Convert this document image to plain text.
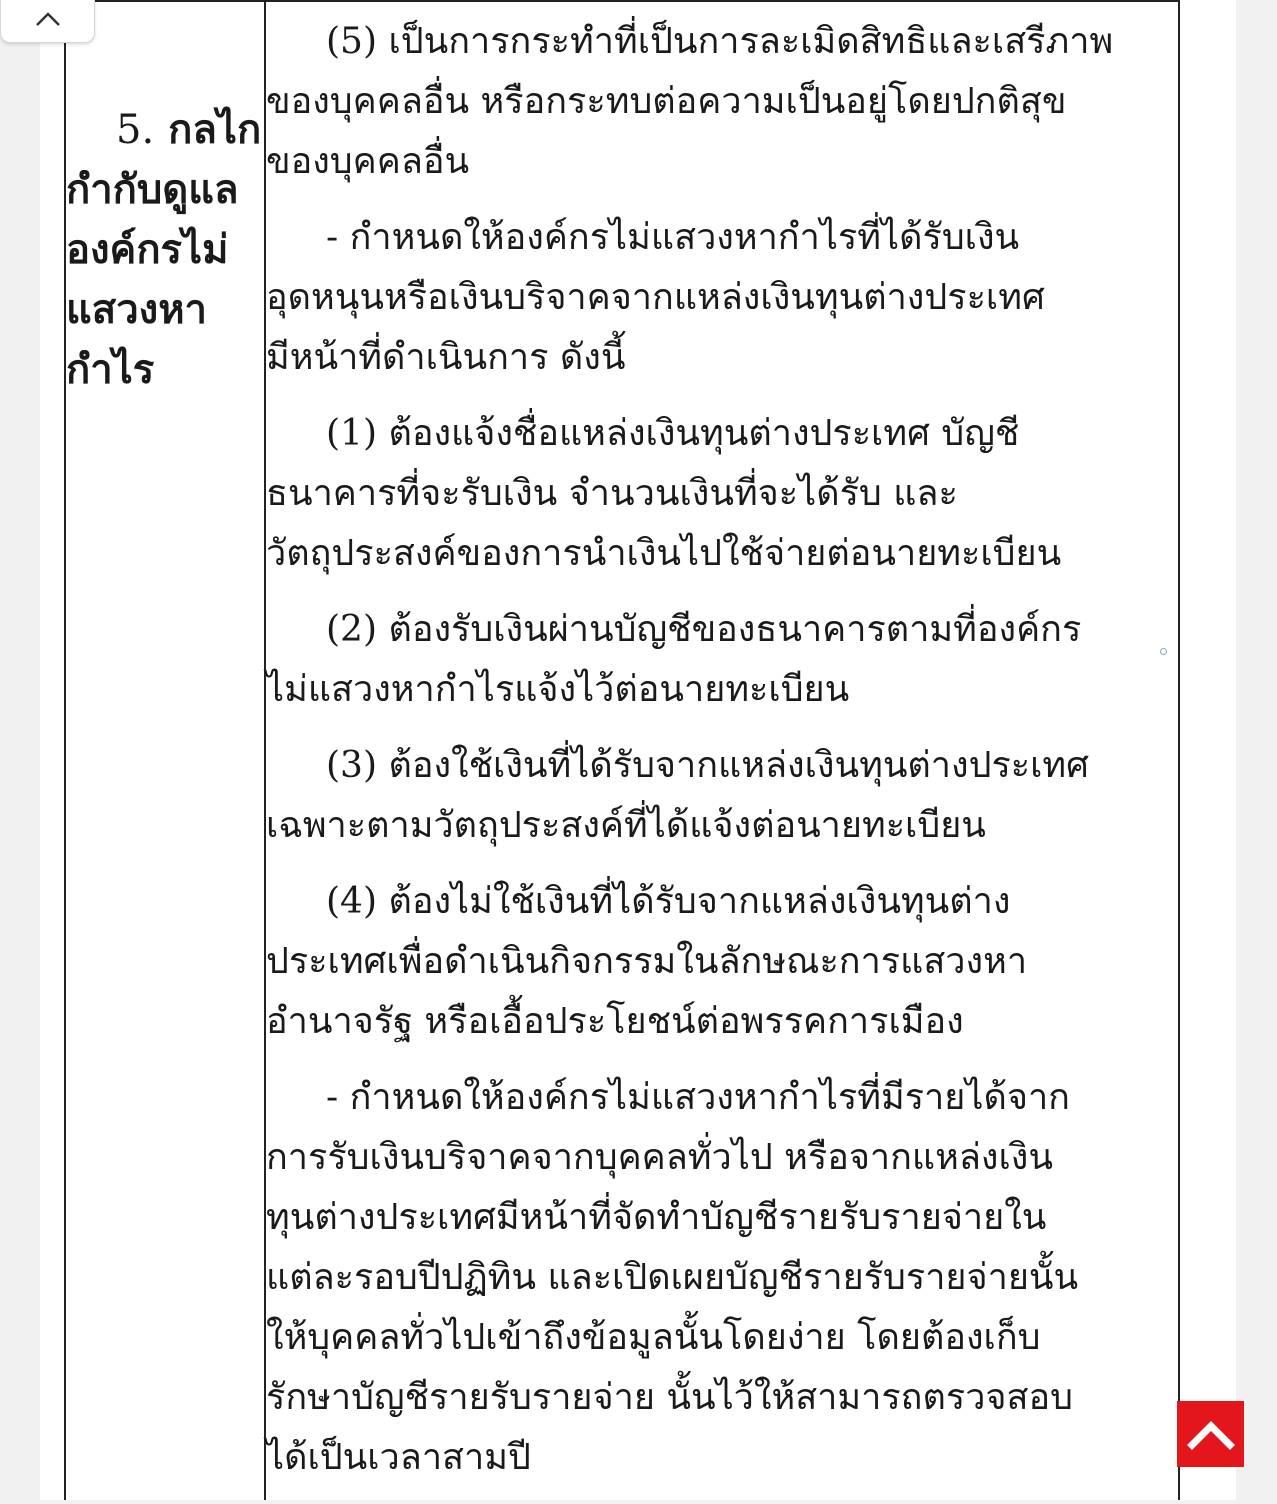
5. กลไก
กำกับดูแล
องค์กรไม่
แสวงหา
กำไร
(5) เป็นการกระทำที่เป็นการละเมิดสิทธิและเสรีภาพ
ของบุคคลอื่น หรือกระทบต่อความเป็นอยู่โดยปกติสุข
ของบุคคลอื่น
- กำหนดให้องค์กรไม่แสวงหากำไรที่ได้รับเงิน
อุดหนุนหรือเงินบริจาคจากแหล่งเงินทุนต่างประเทศ
มีหน้าที่ดำเนินการ ดังนี้
(1) ต้องแจ้งชื่อแหล่งเงินทุนต่างประเทศ บัญชี
ธนาคารที่จะรับเงิน จำนวนเงินที่จะได้รับ และ
วัตถุประสงค์ของการนำเงินไปใช้จ่ายต่อนายทะเบียน
(2) ต้องรับเงินผ่านบัญชีของธนาคารตามที่องค์กร
ไม่แสวงหากำไรแจ้งไว้ต่อนายทะเบียน
(3) ต้องใช้เงินที่ได้รับจากแหล่งเงินทุนต่างประเทศ
เฉพาะตามวัตถุประสงค์ที่ได้แจ้งต่อนายทะเบียน
(4) ต้องไม่ใช้เงินที่ได้รับจากแหล่งเงินทุนต่าง
ประเทศเพื่อดำเนินกิจกรรมในลักษณะการแสวงหา
อำนาจรัฐ หรือเอื้อประโยชน์ต่อพรรคการเมือง
- กำหนดให้องค์กรไม่แสวงหากำไรที่มีรายได้จาก
การรับเงินบริจาคจากบุคคลทั่วไป หรือจากแหล่งเงิน
ทุนต่างประเทศมีหน้าที่จัดทำบัญชีรายรับรายจ่ายใน
แต่ละรอบปีปฏิทิน และเปิดเผยบัญชีรายรับรายจ่ายนั้น
ให้บุคคลทั่วไปเข้าถึงข้อมูลนั้นโดยง่าย โดยต้องเก็บ
รักษาบัญชีรายรับรายจ่าย นั้นไว้ให้สามารถตรวจสอบ
ได้เป็นเวลาสามปี
